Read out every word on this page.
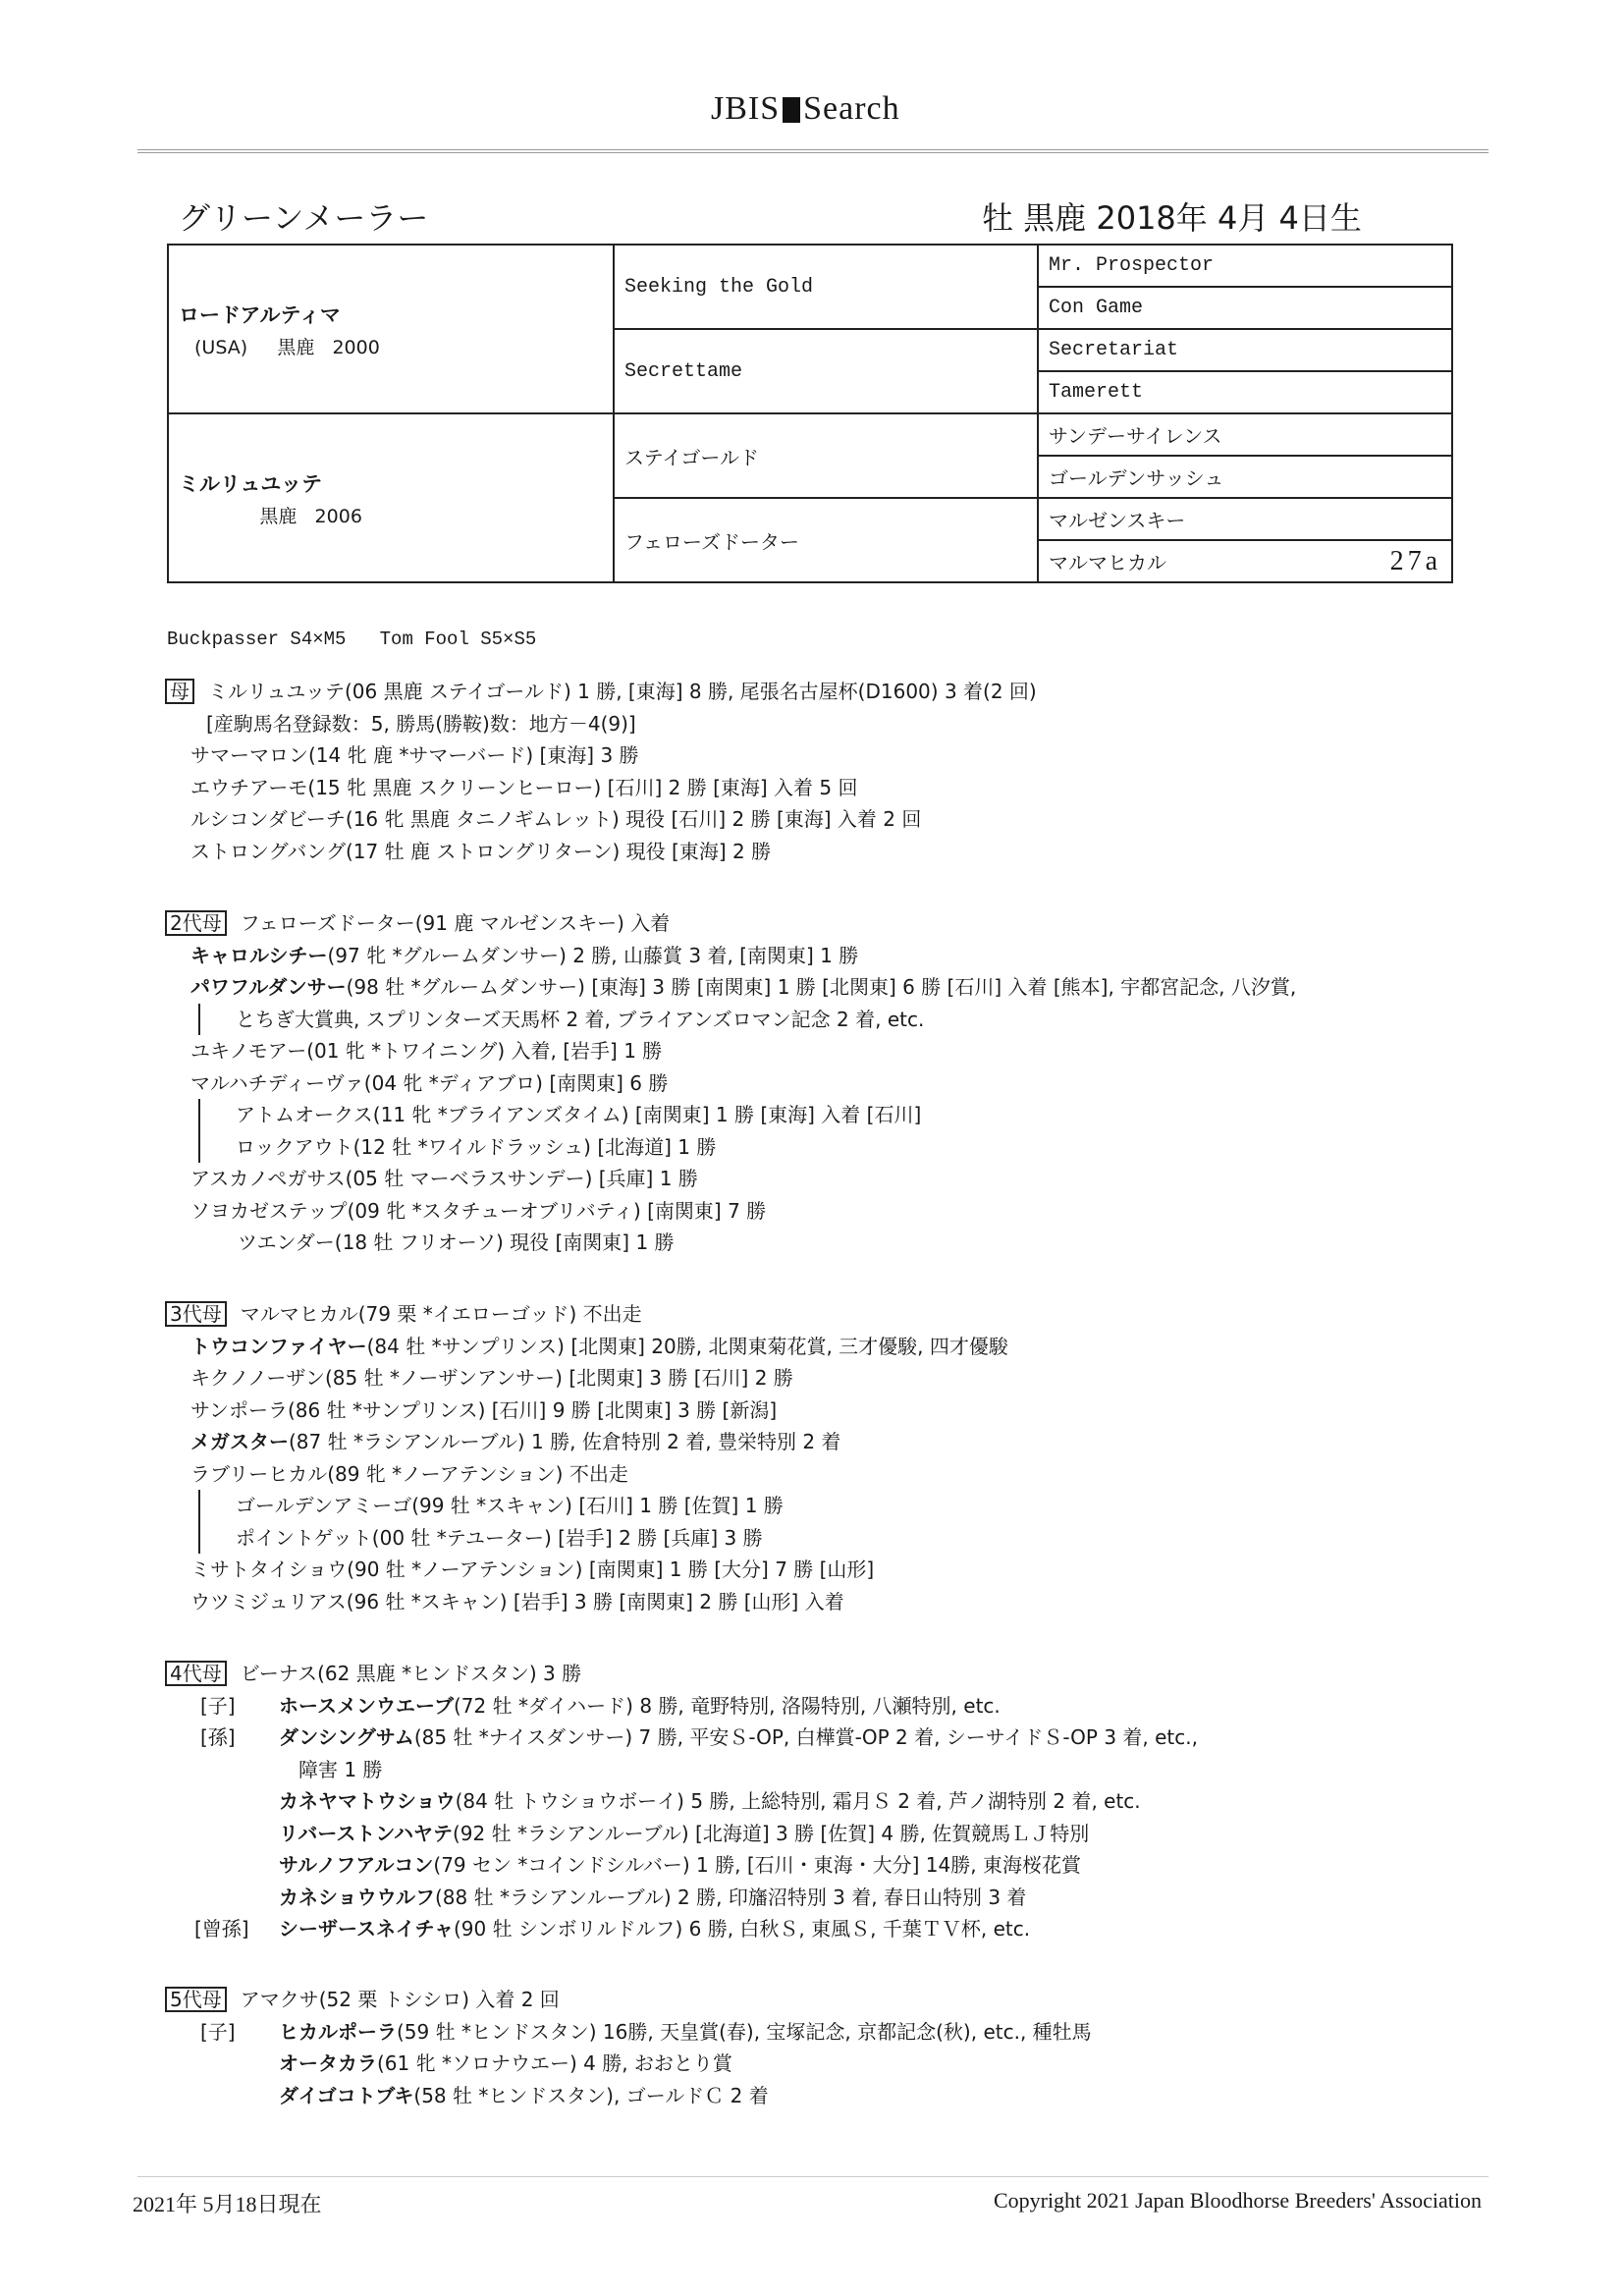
JBIS Search
グリーンメーラー	牡 黒鹿 2018年 4月 4日生
ロードアルティマ
(USA)     黒鹿   2000	Seeking the Gold	Mr. Prospector
		Con Game
	Secrettame	Secretariat
		Tamerett

ミルリュユッテ
黒鹿   2006	ステイゴールド	サンデーサイレンス
		ゴールデンサッシュ
	フェローズドーター	マルゼンスキー

		マルマヒカル 27a
Buckpasser S4×M5   Tom Fool S5×S5
母 ミルリュユッテ(06 黒鹿 ステイゴールド) 1 勝, [東海] 8 勝, 尾張名古屋杯(D1600) 3 着(2 回)
[産駒馬名登録数：5, 勝馬(勝鞍)数：地方－4(9)]
サマーマロン(14 牝 鹿 *サマーバード) [東海] 3 勝
エウチアーモ(15 牝 黒鹿 スクリーンヒーロー) [石川] 2 勝 [東海] 入着 5 回
ルシコンダビーチ(16 牝 黒鹿 タニノギムレット) 現役 [石川] 2 勝 [東海] 入着 2 回
ストロングバング(17 牡 鹿 ストロングリターン) 現役 [東海] 2 勝
2代母 フェローズドーター(91 鹿 マルゼンスキー) 入着
キャロルシチー(97 牝 *グルームダンサー) 2 勝, 山藤賞 3 着, [南関東] 1 勝
パワフルダンサー(98 牡 *グルームダンサー) [東海] 3 勝 [南関東] 1 勝 [北関東] 6 勝 [石川] 入着 [熊本], 宇都宮記念, 八汐賞,
とちぎ大賞典, スプリンターズ天馬杯 2 着, ブライアンズロマン記念 2 着, etc.
ユキノモアー(01 牝 *トワイニング) 入着, [岩手] 1 勝
マルハチディーヴァ(04 牝 *ディアブロ) [南関東] 6 勝
アトムオークス(11 牝 *ブライアンズタイム) [南関東] 1 勝 [東海] 入着 [石川]
ロックアウト(12 牡 *ワイルドラッシュ) [北海道] 1 勝
アスカノペガサス(05 牡 マーベラスサンデー) [兵庫] 1 勝
ソヨカゼステップ(09 牝 *スタチューオブリバティ) [南関東] 7 勝
ツエンダー(18 牡 フリオーソ) 現役 [南関東] 1 勝
3代母 マルマヒカル(79 栗 *イエローゴッド) 不出走
トウコンファイヤー(84 牡 *サンプリンス) [北関東] 20勝, 北関東菊花賞, 三才優駿, 四才優駿
キクノノーザン(85 牡 *ノーザンアンサー) [北関東] 3 勝 [石川] 2 勝
サンポーラ(86 牡 *サンプリンス) [石川] 9 勝 [北関東] 3 勝 [新潟]
メガスター(87 牡 *ラシアンルーブル) 1 勝, 佐倉特別 2 着, 豊栄特別 2 着
ラブリーヒカル(89 牝 *ノーアテンション) 不出走
ゴールデンアミーゴ(99 牡 *スキャン) [石川] 1 勝 [佐賀] 1 勝
ポイントゲット(00 牡 *テユーター) [岩手] 2 勝 [兵庫] 3 勝
ミサトタイショウ(90 牡 *ノーアテンション) [南関東] 1 勝 [大分] 7 勝 [山形]
ウツミジュリアス(96 牡 *スキャン) [岩手] 3 勝 [南関東] 2 勝 [山形] 入着
4代母 ビーナス(62 黒鹿 *ヒンドスタン) 3 勝
[子] ホースメンウエーブ(72 牡 *ダイハード) 8 勝, 竜野特別, 洛陽特別, 八瀬特別, etc.
[孫] ダンシングサム(85 牡 *ナイスダンサー) 7 勝, 平安Ｓ-OP, 白樺賞-OP 2 着, シーサイドＳ-OP 3 着, etc.,
障害 1 勝
カネヤマトウショウ(84 牡 トウショウボーイ) 5 勝, 上総特別, 霜月Ｓ 2 着, 芦ノ湖特別 2 着, etc.
リバーストンハヤテ(92 牡 *ラシアンルーブル) [北海道] 3 勝 [佐賀] 4 勝, 佐賀競馬ＬＪ特別
サルノフアルコン(79 セン *コインドシルバー) 1 勝, [石川・東海・大分] 14勝, 東海桜花賞
カネショウウルフ(88 牡 *ラシアンルーブル) 2 勝, 印旛沼特別 3 着, 春日山特別 3 着
[曾孫] シーザースネイチャ(90 牡 シンボリルドルフ) 6 勝, 白秋Ｓ, 東風Ｓ, 千葉ＴＶ杯, etc.
5代母 アマクサ(52 栗 トシシロ) 入着 2 回
[子] ヒカルポーラ(59 牡 *ヒンドスタン) 16勝, 天皇賞(春), 宝塚記念, 京都記念(秋), etc., 種牡馬
オータカラ(61 牝 *ソロナウエー) 4 勝, おおとり賞
ダイゴコトブキ(58 牡 *ヒンドスタン), ゴールドＣ 2 着
2021年 5月18日現在	Copyright 2021 Japan Bloodhorse Breeders' Association
